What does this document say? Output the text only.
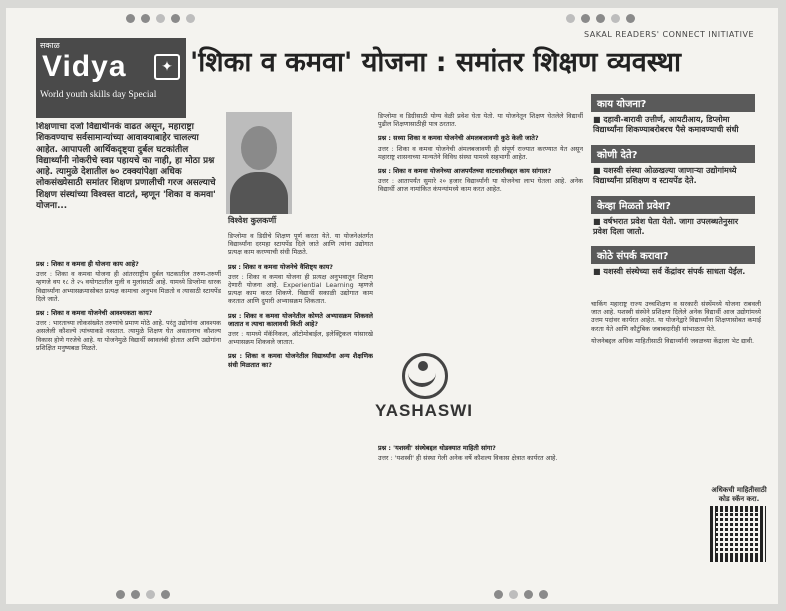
सकाळ
Vidya	✦
World youth skills day Special
SAKAL READERS' CONNECT INITIATIVE
'शिका व कमवा' योजना : समांतर शिक्षण व्यवस्था
शिक्षणाचा दर्जा विद्यार्थीनकं वाढत असून, महाराष्ट्रा शिकवण्याच सर्वसामान्यांच्या आवाक्याबाहेर चालल्या आहेत. आपापली आर्थिकदृष्ट्या दुर्बल घटकांतील विद्यार्थ्यांनी नोकरीचे स्वप्न पहायचे का नाही, हा मोठा प्रश्न आहे. त्यामुळे देशातील ७० टक्क्यांपेक्षा अधिक लोकसंख्येसाठी समांतर शिक्षण प्रणालीची गरज असल्याचे शिक्षण संस्थांच्या विश्वस्त वाटतं, म्हणून 'शिका व कमवा' योजना...
विश्वेश कुलकर्णी
प्रश्न : शिका व कमवा ही योजना काय आहे?
उत्तर : शिका व कमवा योजना ही आंतरराष्ट्रीय दुर्बल घटकातील तरुण-तरुणीं म्हणजे वय १८ ते २५ वयोगटातील मुली व मुलांसाठी आहे. यामध्ये डिप्लोमा धारक विद्यार्थ्यांना अभ्यासक्रमासोबत प्रत्यक्ष कामाचा अनुभव मिळतो व त्यासाठी स्टायपेंड दिले जाते.
प्रश्न : शिका व कमवा योजनेची आवश्यकता काय?
उत्तर : भारताच्या लोकसंख्येत तरुणांचे प्रमाण मोठे आहे. परंतु उद्योगांना आवश्यक असलेली कौशल्ये त्यांच्याकडे नसतात. त्यामुळे शिक्षण घेत असतानाच कौशल्य विकास होणे गरजेचे आहे. या योजनेमुळे विद्यार्थी स्वावलंबी होतात आणि उद्योगांना प्रशिक्षित मनुष्यबळ मिळते.
डिप्लोमा व डिग्रीचे शिक्षण पूर्ण करता येते. या योजनेअंतर्गत विद्यार्थ्यांना दरमहा स्टायपेंड दिले जाते आणि त्यांना उद्योगात प्रत्यक्ष काम करण्याची संधी मिळते.
प्रश्न : शिका व कमवा योजनेचे वैशिष्ट्य काय?
उत्तर : शिका व कमवा योजना ही प्रत्यक्ष अनुभवातून शिक्षण देणारी योजना आहे. Experiential Learning म्हणजे प्रत्यक्ष काम करत शिकणे. विद्यार्थी सकाळी उद्योगात काम करतात आणि दुपारी अभ्यासक्रम शिकतात.
प्रश्न : शिका व कमवा योजनेतील कोणते अभ्यासक्रम शिकवले जातात व त्याचा कालावधी किती आहे?
उत्तर : यामध्ये मॅकॅनिकल, ऑटोमोबाईल, इलेक्ट्रिकल यांसारखे अभ्यासक्रम शिकवले जातात.
प्रश्न : शिका व कमवा योजनेतील विद्यार्थ्यांना अन्य शैक्षणिक संधी मिळतात का?
डिप्लोमा व डिग्रीसाठी योग्य वेळी प्रवेश घेता येतो. या योजनेतून शिक्षण घेतलेले विद्यार्थी पुढील शिक्षणासाठीही पात्र ठरतात.
प्रश्न : सध्या शिका व कमवा योजनेची अंमलबजावणी कुठे केली जाते?
उत्तर : शिका व कमवा योजनेची अंमलबजावणी ही संपूर्ण राज्यात करण्यात येत असून महाराष्ट्र शासनाच्या मान्यतेने विविध संस्था यामध्ये सहभागी आहेत.
प्रश्न : शिका व कमवा योजनेच्या आजपर्यंतच्या वाटचालीबद्दल काय सांगाल?
उत्तर : आतापर्यंत सुमारे २० हजार विद्यार्थ्यांनी या योजनेचा लाभ घेतला आहे. अनेक विद्यार्थी आज नामांकित कंपन्यांमध्ये काम करत आहेत.
YASHASWI
प्रश्न : 'यशस्वी' संस्थेबद्दल थोडक्यात माहिती सांगा?
उत्तर : 'यशस्वी' ही संस्था गेली अनेक वर्षे कौशल्य विकास क्षेत्रात कार्यरत आहे.
काय योजना?
■ दहावी-बारावी उत्तीर्ण, आयटीआय, डिप्लोमा विद्यार्थ्यांना शिकण्याबरोबरच पैसे कमावण्याची संधी
कोणी देते?
■ यशस्वी संस्था ओळखल्या जाणाऱ्या उद्योगांमध्ये विद्यार्थ्यांना प्रशिक्षण व स्टायपेंड देते.
केव्हा मिळतो प्रवेश?
■ वर्षभरात प्रवेश घेता येतो. जागा उपलब्धतेनुसार प्रवेश दिला जातो.
कोठे संपर्क करावा?
■ यशस्वी संस्थेच्या सर्व केंद्रांवर संपर्क साधता येईल.
चाकिंग महाराष्ट्र राज्य उच्चशिक्षण व सरकारी संस्थेंमध्ये योजना राबवली जात आहे. यशस्वी संस्थेने प्रशिक्षण दिलेले अनेक विद्यार्थी आज उद्योगांमध्ये उत्तम पदांवर कार्यरत आहेत. या योजनेद्वारे विद्यार्थ्यांना शिक्षणासोबत कमाई करता येते आणि कौटुंबिक जबाबदारीही सांभाळता येते.
योजनेबद्दल अधिक माहितीसाठी विद्यार्थ्यांनी जवळच्या केंद्राला भेट द्यावी.
अधिकची माहितीसाठी कोड स्कॅन करा.
